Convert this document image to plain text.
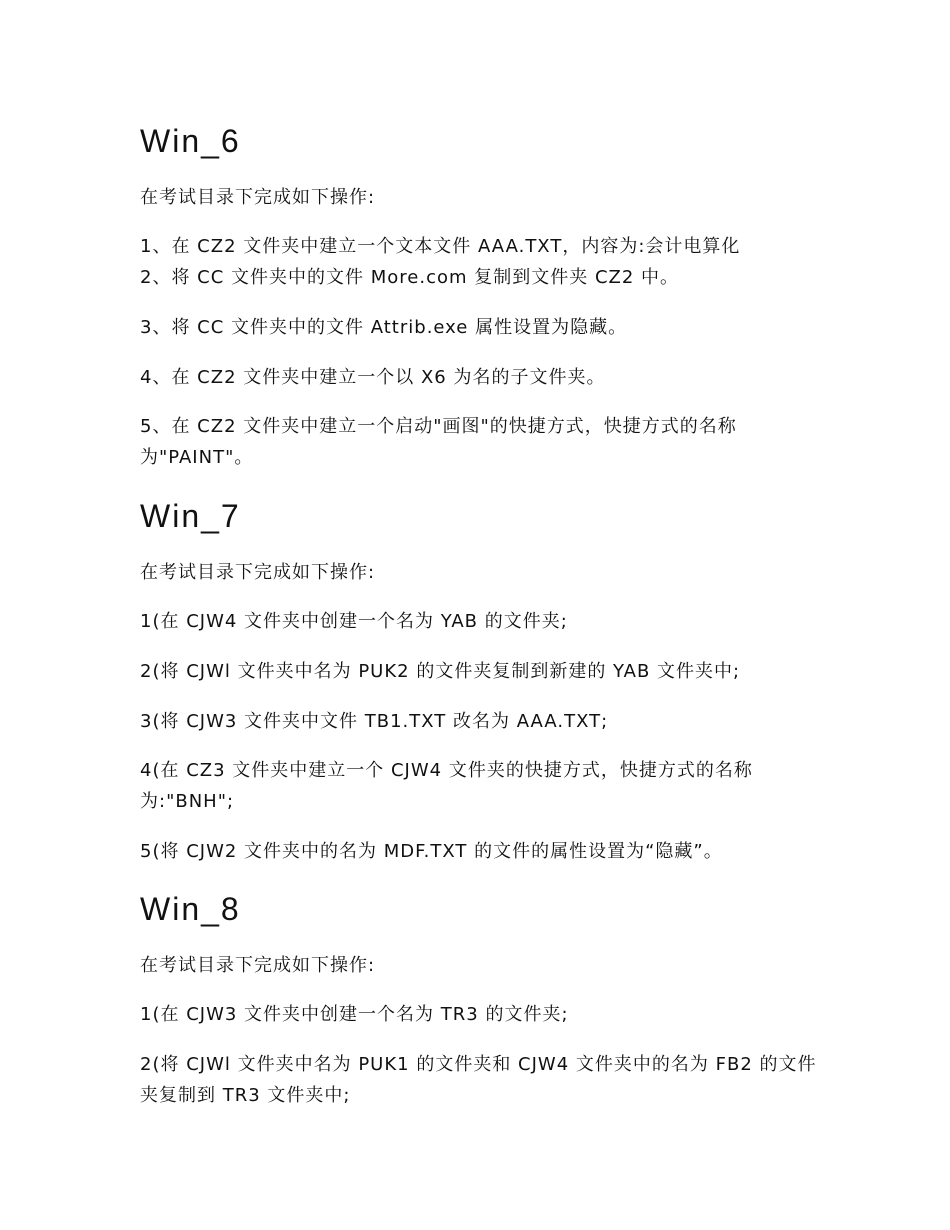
Win_6

在考试目录下完成如下操作:

1、在 CZ2 文件夹中建立一个文本文件 AAA.TXT，内容为:会计电算化

2、将 CC 文件夹中的文件 More.com 复制到文件夹 CZ2 中。

3、将 CC 文件夹中的文件 Attrib.exe 属性设置为隐藏。

4、在 CZ2 文件夹中建立一个以 X6 为名的子文件夹。

5、在 CZ2 文件夹中建立一个启动"画图"的快捷方式，快捷方式的名称为"PAINT"。

Win_7

在考试目录下完成如下操作:

1(在 CJW4 文件夹中创建一个名为 YAB 的文件夹;

2(将 CJWl 文件夹中名为 PUK2 的文件夹复制到新建的 YAB 文件夹中;

3(将 CJW3 文件夹中文件 TB1.TXT 改名为 AAA.TXT;

4(在 CZ3 文件夹中建立一个 CJW4 文件夹的快捷方式，快捷方式的名称为:"BNH";

5(将 CJW2 文件夹中的名为 MDF.TXT 的文件的属性设置为“隐藏”。

Win_8

在考试目录下完成如下操作:

1(在 CJW3 文件夹中创建一个名为 TR3 的文件夹;

2(将 CJWl 文件夹中名为 PUK1 的文件夹和 CJW4 文件夹中的名为 FB2 的文件夹复制到 TR3 文件夹中;
